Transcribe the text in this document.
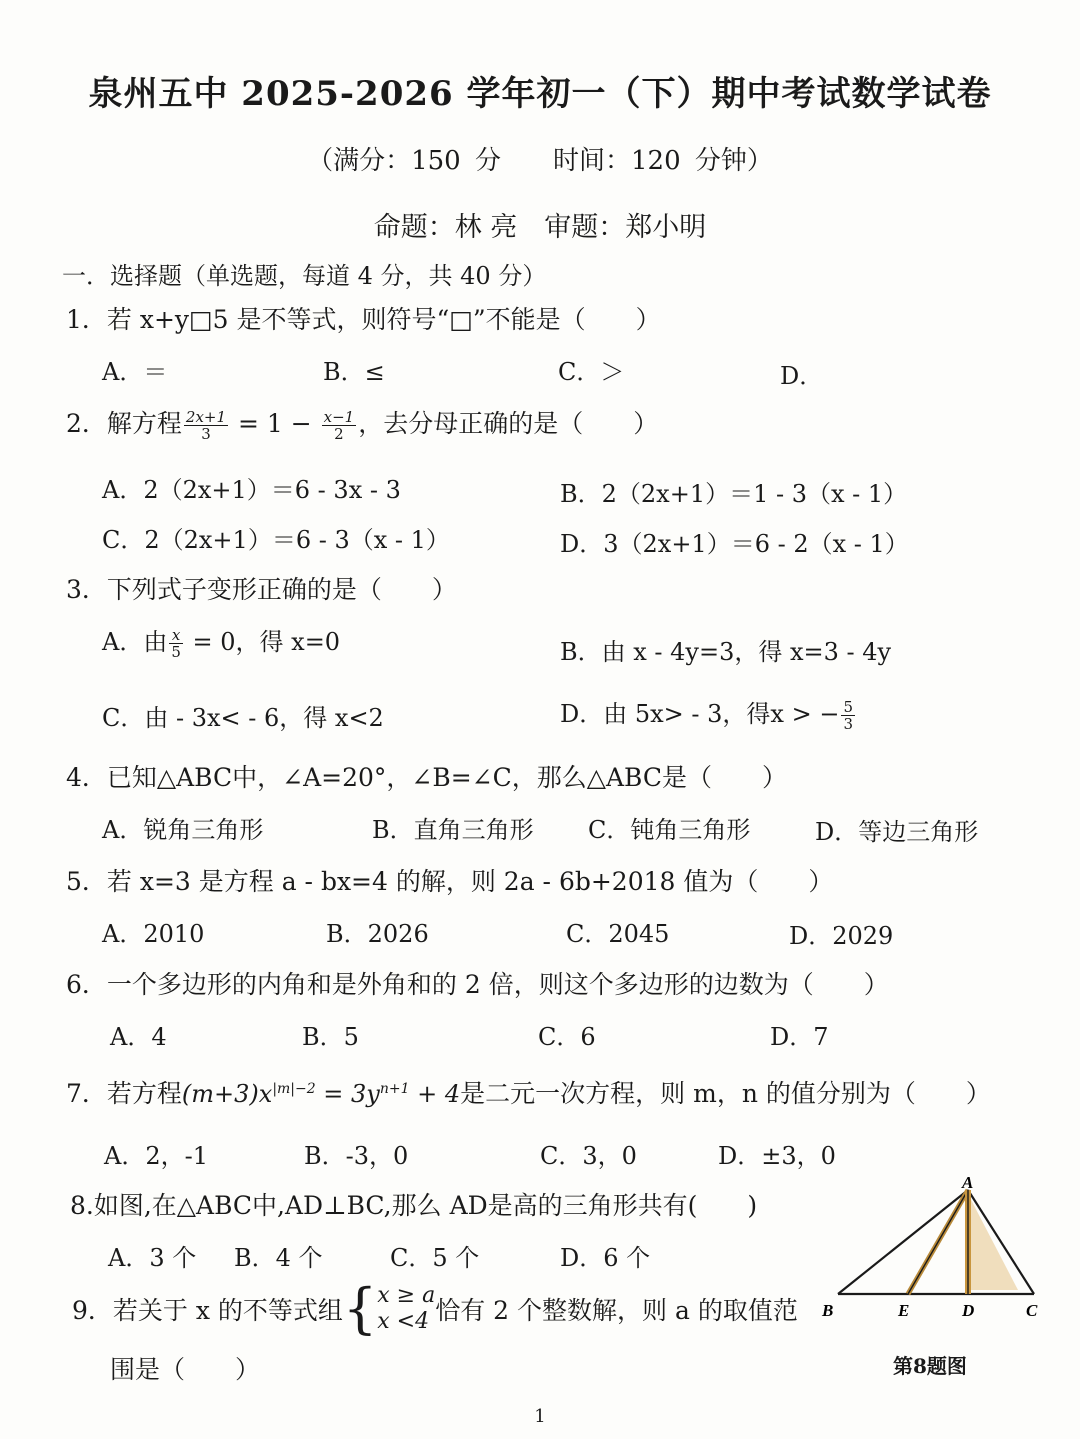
泉州五中 2025-2026 学年初一（下）期中考试数学试卷
（满分：150 分　　时间：120 分钟）
命题：林 亮　审题：郑小明
一．选择题（单选题，每道 4 分，共 40 分）
1．若 x+y□5 是不等式，则符号“□”不能是（　　）
A．＝	B．≤	C．＞	D．
2．解方程 $\frac{2x+1}{3} = 1 - \frac{x-1}{2}$ ，去分母正确的是（　　）
A．2（2x+1）＝6 - 3x - 3	B．2（2x+1）＝1 - 3（x - 1）
C．2（2x+1）＝6 - 3（x - 1）	D．3（2x+1）＝6 - 2（x - 1）
3．下列式子变形正确的是（　　）
A．由 $\frac{x}{5} = 0$，得 x=0	B．由 x - 4y=3，得 x=3 - 4y
C．由 - 3x< - 6，得 x<2	D．由 5x> - 3，得x > − $\frac{5}{3}$
4．已知△ABC中，∠A=20°，∠B=∠C，那么△ABC是（　　）
A．锐角三角形	B．直角三角形 C．钝角三角形	D．等边三角形
5．若 x=3 是方程 a - bx=4 的解，则 2a - 6b+2018 值为（　　）
A．2010	B．2026	C．2045	D．2029
6．一个多边形的内角和是外角和的 2 倍，则这个多边形的边数为（　　）
A．4	B．5	C．6	D．7
7．若方程$(m+3)x^{|m|-2} = 3y^{n+1} + 4$是二元一次方程，则 m，n 的值分别为（　　）
A．2，-1	B．-3，0	C．3，0	D．±3，0
8.如图,在△ABC中,AD⊥BC,那么 AD是高的三角形共有(　　)
A．3 个 B．4 个	C．5 个	D．6 个
A
B	E	D	C
第8题图
9．若关于 x 的不等式组{ x ≥ a
x <4 恰有 2 个整数解，则 a 的取值范
围是（　　）
1
